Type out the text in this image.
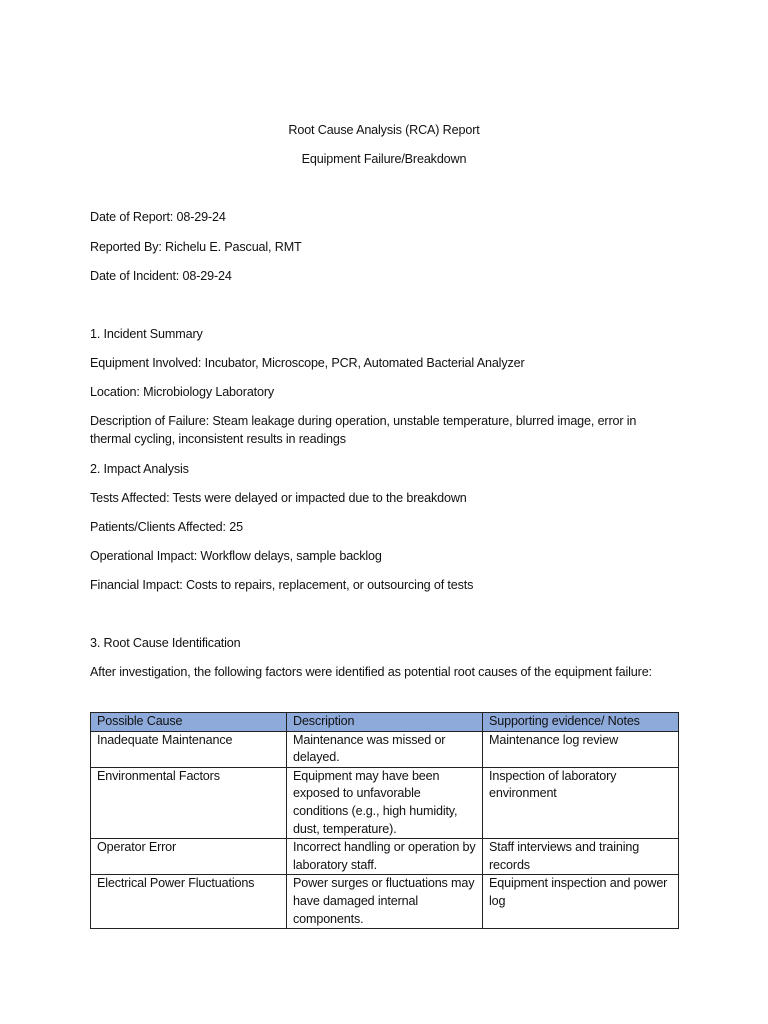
Root Cause Analysis (RCA) Report
Equipment Failure/Breakdown
Date of Report: 08-29-24
Reported By: Richelu E. Pascual, RMT
Date of Incident: 08-29-24
1. Incident Summary
Equipment Involved: Incubator, Microscope, PCR, Automated Bacterial Analyzer
Location: Microbiology Laboratory
Description of Failure: Steam leakage during operation, unstable temperature, blurred image, error in thermal cycling, inconsistent results in readings
2. Impact Analysis
Tests Affected: Tests were delayed or impacted due to the breakdown
Patients/Clients Affected: 25
Operational Impact: Workflow delays, sample backlog
Financial Impact: Costs to repairs, replacement, or outsourcing of tests
3. Root Cause Identification
After investigation, the following factors were identified as potential root causes of the equipment failure:
Possible Cause	Description	Supporting evidence/ Notes
Inadequate Maintenance	Maintenance was missed or delayed.	Maintenance log review
Environmental Factors	Equipment may have been exposed to unfavorable conditions (e.g., high humidity, dust, temperature).	Inspection of laboratory environment
Operator Error	Incorrect handling or operation by laboratory staff.	Staff interviews and training records
Electrical Power Fluctuations	Power surges or fluctuations may have damaged internal components.	Equipment inspection and power log
